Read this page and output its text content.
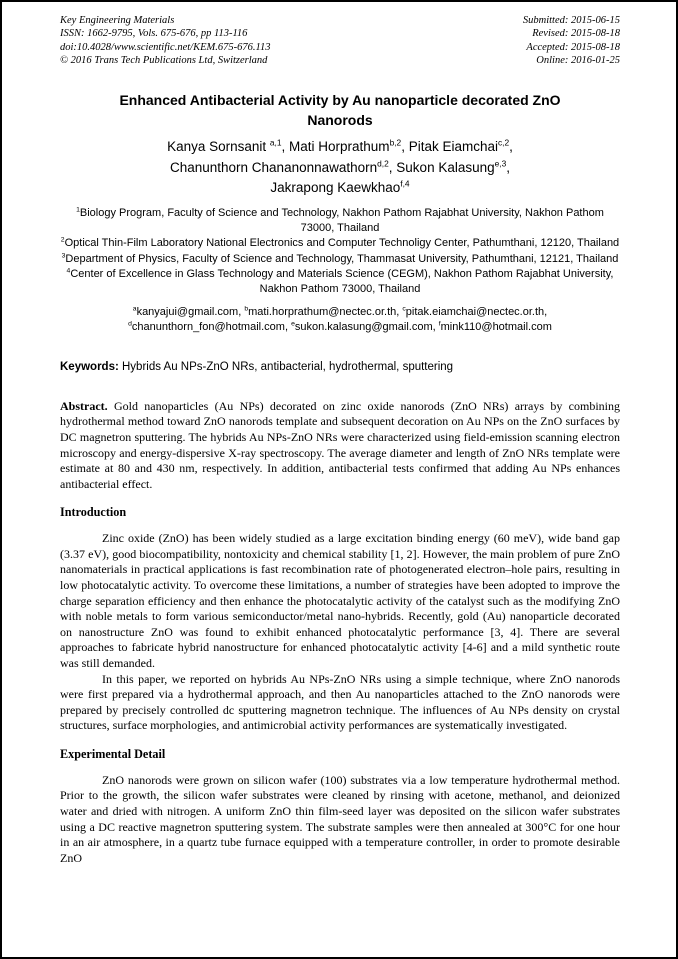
Key Engineering Materials
ISSN: 1662-9795, Vols. 675-676, pp 113-116
doi:10.4028/www.scientific.net/KEM.675-676.113
© 2016 Trans Tech Publications Ltd, Switzerland
Submitted: 2015-06-15
Revised: 2015-08-18
Accepted: 2015-08-18
Online: 2016-01-25
Enhanced Antibacterial Activity by Au nanoparticle decorated ZnO
Nanorods
Kanya Sornsanit $^{a,1}$, Mati Horprathum$^{b,2}$, Pitak Eiamchai$^{c,2}$,
Chanunthorn Chananonnawathorn$^{d,2}$, Sukon Kalasung$^{e,3}$,
Jakrapong Kaewkhao$^{f,4}$
$^1$Biology Program, Faculty of Science and Technology, Nakhon Pathom Rajabhat University, Nakhon Pathom 73000, Thailand
$^2$Optical Thin-Film Laboratory National Electronics and Computer Technoligy Center, Pathumthani, 12120, Thailand
$^3$Department of Physics, Faculty of Science and Technology, Thammasat University, Pathumthani, 12121, Thailand
$^4$Center of Excellence in Glass Technology and Materials Science (CEGM), Nakhon Pathom Rajabhat University, Nakhon Pathom 73000, Thailand
$^a$kanyajui@gmail.com, $^b$mati.horprathum@nectec.or.th, $^c$pitak.eiamchai@nectec.or.th,
$^d$chanunthorn_fon@hotmail.com, $^e$sukon.kalasung@gmail.com, $^f$mink110@hotmail.com
Keywords: Hybrids Au NPs-ZnO NRs, antibacterial, hydrothermal, sputtering

Abstract. Gold nanoparticles (Au NPs) decorated on zinc oxide nanorods (ZnO NRs) arrays by combining hydrothermal method toward ZnO nanorods template and subsequent decoration on Au NPs on the ZnO surfaces by DC magnetron sputtering. The hybrids Au NPs-ZnO NRs were characterized using field-emission scanning electron microscopy and energy-dispersive X-ray spectroscopy. The average diameter and length of ZnO NRs template were estimate at 80 and 430 nm, respectively. In addition, antibacterial tests confirmed that adding Au NPs enhances antibacterial effect.

Introduction

Zinc oxide (ZnO) has been widely studied as a large excitation binding energy (60 meV), wide band gap (3.37 eV), good biocompatibility, nontoxicity and chemical stability [1, 2]. However, the main problem of pure ZnO nanomaterials in practical applications is fast recombination rate of photogenerated electron–hole pairs, resulting in low photocatalytic activity. To overcome these limitations, a number of strategies have been adopted to improve the charge separation efficiency and then enhance the photocatalytic activity of the catalyst such as the modifying ZnO with noble metals to form various semiconductor/metal nano-hybrids. Recently, gold (Au) nanoparticle decorated on nanostructure ZnO was found to exhibit enhanced photocatalytic performance [3, 4]. There are several approaches to fabricate hybrid nanostructure for enhanced photocatalytic activity [4-6] and a mild synthetic route was still demanded.

In this paper, we reported on hybrids Au NPs-ZnO NRs using a simple technique, where ZnO nanorods were first prepared via a hydrothermal approach, and then Au nanoparticles attached to the ZnO nanorods were prepared by precisely controlled dc sputtering magnetron technique. The influences of Au NPs density on crystal structures, surface morphologies, and antimicrobial activity performances are systematically investigated.

Experimental Detail

ZnO nanorods were grown on silicon wafer (100) substrates via a low temperature hydrothermal method. Prior to the growth, the silicon wafer substrates were cleaned by rinsing with acetone, methanol, and deionized water and dried with nitrogen. A uniform ZnO thin film-seed layer was deposited on the silicon wafer substrates using a DC reactive magnetron sputtering system. The substrate samples were then annealed at 300°C for one hour in an air atmosphere, in a quartz tube furnace equipped with a temperature controller, in order to promote desirable ZnO
